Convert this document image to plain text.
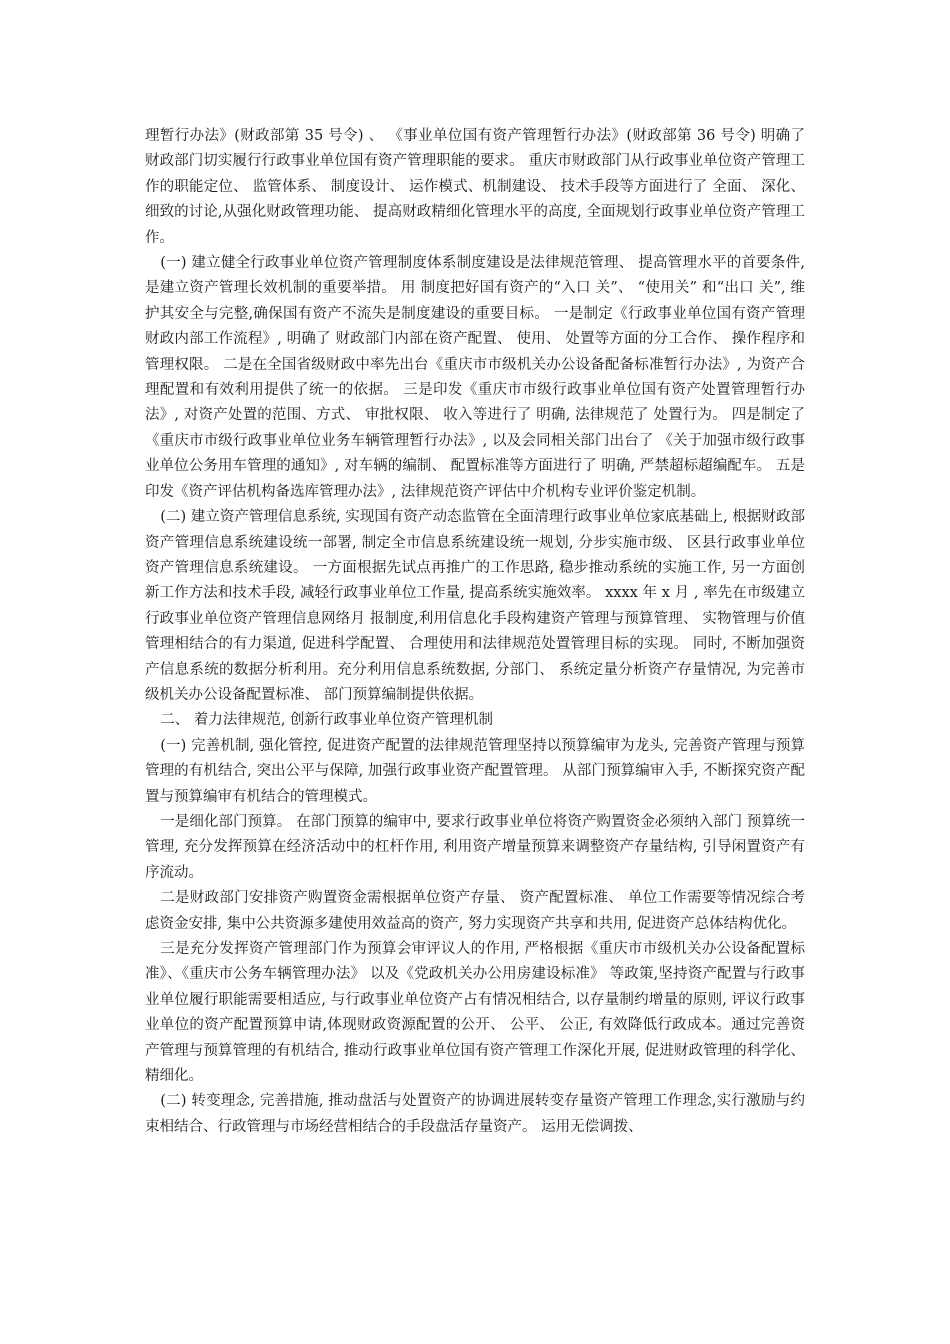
理暂行办法》(财政部第 35 号令) 、 《事业单位国有资产管理暂行办法》(财政部第 36 号令) 明确了 财政部门切实履行行政事业单位国有资产管理职能的要求。 重庆市财政部门从行政事业单位资产管理工作的职能定位、 监管体系、 制度设计、 运作模式、机制建设、 技术手段等方面进行了 全面、 深化、 细致的讨论,从强化财政管理功能、 提高财政精细化管理水平的高度, 全面规划行政事业单位资产管理工作。

(一) 建立健全行政事业单位资产管理制度体系制度建设是法律规范管理、 提高管理水平的首要条件, 是建立资产管理长效机制的重要举措。 用 制度把好国有资产的“入口 关”、 “使用关” 和“出口 关”, 维护其安全与完整,确保国有资产不流失是制度建设的重要目标。 一是制定《行政事业单位国有资产管理财政内部工作流程》, 明确了 财政部门内部在资产配置、 使用、 处置等方面的分工合作、 操作程序和管理权限。 二是在全国省级财政中率先出台《重庆市市级机关办公设备配备标准暂行办法》, 为资产合理配置和有效利用提供了统一的依据。 三是印发《重庆市市级行政事业单位国有资产处置管理暂行办法》, 对资产处置的范围、方式、 审批权限、 收入等进行了 明确, 法律规范了 处置行为。 四是制定了《重庆市市级行政事业单位业务车辆管理暂行办法》, 以及会同相关部门出台了 《关于加强市级行政事业单位公务用车管理的通知》, 对车辆的编制、 配置标准等方面进行了 明确, 严禁超标超编配车。 五是印发《资产评估机构备选库管理办法》, 法律规范资产评估中介机构专业评价鉴定机制。

(二) 建立资产管理信息系统, 实现国有资产动态监管在全面清理行政事业单位家底基础上, 根据财政部资产管理信息系统建设统一部署, 制定全市信息系统建设统一规划, 分步实施市级、 区县行政事业单位资产管理信息系统建设。 一方面根据先试点再推广的工作思路, 稳步推动系统的实施工作, 另一方面创新工作方法和技术手段, 减轻行政事业单位工作量, 提高系统实施效率。 xxxx 年 x 月 , 率先在市级建立行政事业单位资产管理信息网络月 报制度,利用信息化手段构建资产管理与预算管理、 实物管理与价值管理相结合的有力渠道, 促进科学配置、 合理使用和法律规范处置管理目标的实现。 同时, 不断加强资产信息系统的数据分析利用。充分利用信息系统数据, 分部门、 系统定量分析资产存量情况, 为完善市级机关办公设备配置标准、 部门预算编制提供依据。

二、 着力法律规范, 创新行政事业单位资产管理机制

(一) 完善机制, 强化管控, 促进资产配置的法律规范管理坚持以预算编审为龙头, 完善资产管理与预算管理的有机结合, 突出公平与保障, 加强行政事业资产配置管理。 从部门预算编审入手, 不断探究资产配置与预算编审有机结合的管理模式。

一是细化部门预算。 在部门预算的编审中, 要求行政事业单位将资产购置资金必须纳入部门 预算统一管理, 充分发挥预算在经济活动中的杠杆作用, 利用资产增量预算来调整资产存量结构, 引导闲置资产有序流动。

二是财政部门安排资产购置资金需根据单位资产存量、 资产配置标准、 单位工作需要等情况综合考虑资金安排, 集中公共资源多建使用效益高的资产, 努力实现资产共享和共用, 促进资产总体结构优化。

三是充分发挥资产管理部门作为预算会审评议人的作用, 严格根据《重庆市市级机关办公设备配置标准》、《重庆市公务车辆管理办法》 以及《党政机关办公用房建设标准》 等政策,坚持资产配置与行政事业单位履行职能需要相适应, 与行政事业单位资产占有情况相结合, 以存量制约增量的原则, 评议行政事业单位的资产配置预算申请,体现财政资源配置的公开、 公平、 公正, 有效降低行政成本。通过完善资产管理与预算管理的有机结合, 推动行政事业单位国有资产管理工作深化开展, 促进财政管理的科学化、 精细化。

(二) 转变理念, 完善措施, 推动盘活与处置资产的协调进展转变存量资产管理工作理念,实行激励与约束相结合、行政管理与市场经营相结合的手段盘活存量资产。 运用无偿调拨、
